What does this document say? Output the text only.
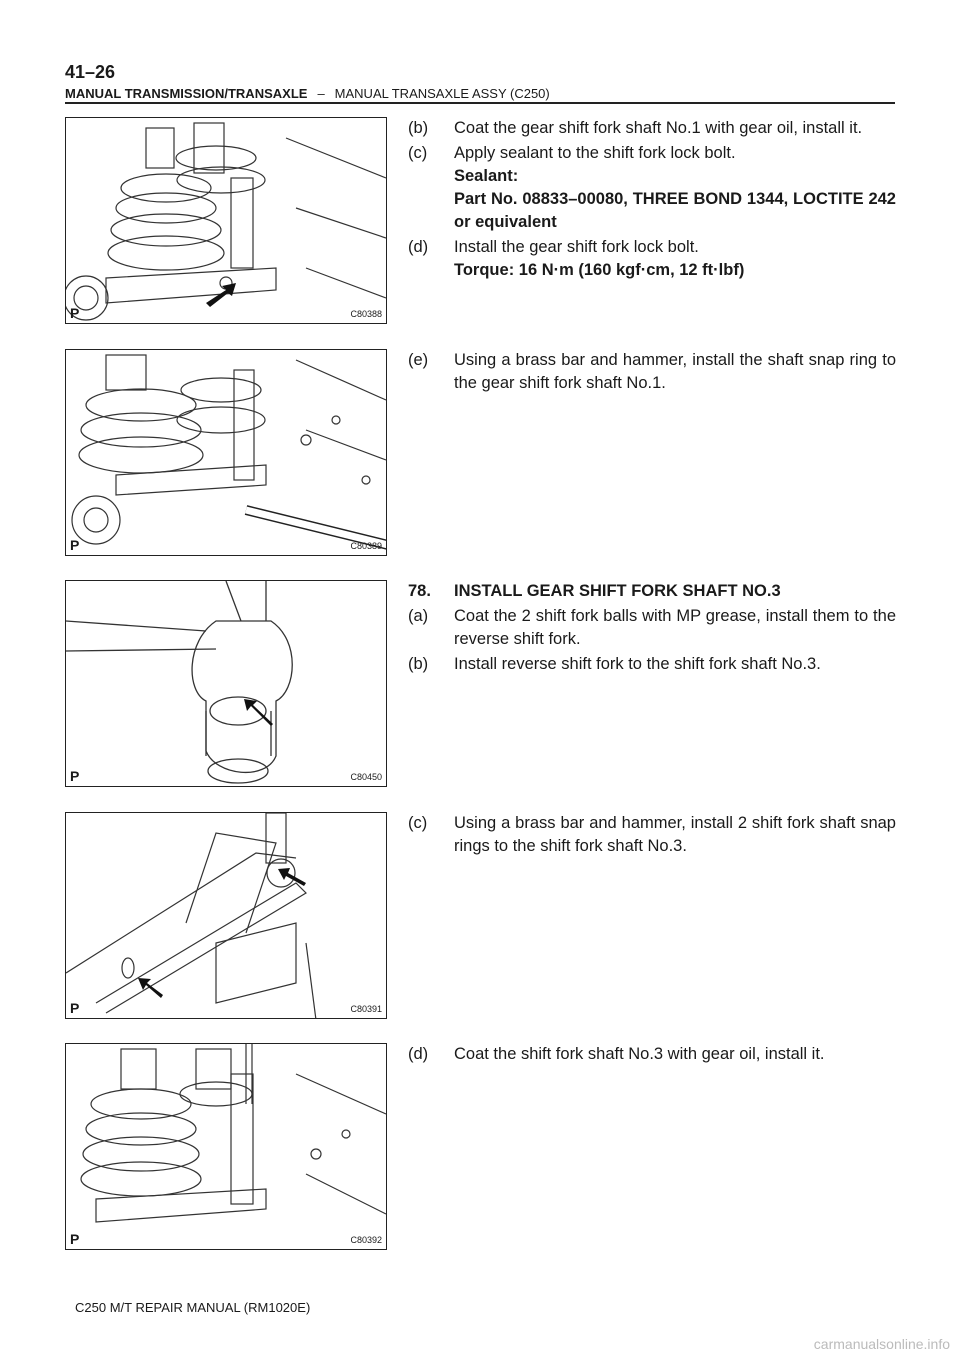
41–26
MANUAL TRANSMISSION/TRANSAXLE – MANUAL TRANSAXLE ASSY (C250)
P	C80388
P	C80389
P	C80450
P	C80391
P	C80392
(b)	Coat the gear shift fork shaft No.1 with gear oil, install it.
(c)	Apply sealant to the shift fork lock bolt.
Sealant:
Part No. 08833–00080, THREE BOND 1344, LOCTITE 242 or equivalent
(d)	Install the gear shift fork lock bolt.
Torque: 16 N·m (160 kgf·cm, 12 ft·lbf)
(e)	Using a brass bar and hammer, install the shaft snap ring to the gear shift fork shaft No.1.
78.	INSTALL GEAR SHIFT FORK SHAFT NO.3
(a)	Coat the 2 shift fork balls with MP grease, install them to the reverse shift fork.
(b)	Install reverse shift fork to the shift fork shaft No.3.
(c)	Using a brass bar and hammer, install 2 shift fork shaft snap rings to the shift fork shaft No.3.
(d)	Coat the shift fork shaft No.3 with gear oil, install it.
C250 M/T REPAIR MANUAL (RM1020E)
carmanualsonline.info
